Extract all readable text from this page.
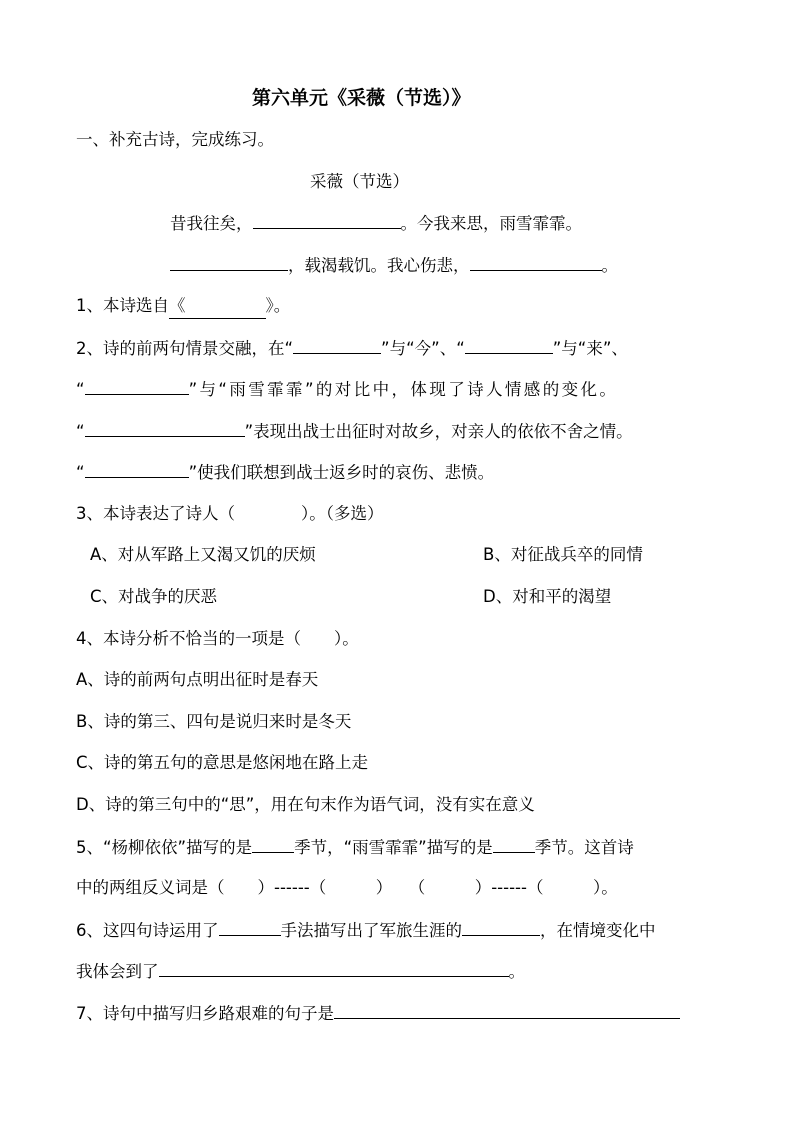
第六单元《采薇（节选）》
一、补充古诗，完成练习。
采薇（节选）
昔我往矣，	。今我来思，雨雪霏霏。
，载渴载饥。我心伤悲，	。
1、本诗选自《	》。
2、诗的前两句情景交融，在“	”与“今”、“	”与“来”、
“	”与“雨雪霏霏”的对比中，体现了诗人情感的变化。
“	”表现出战士出征时对故乡，对亲人的依依不舍之情。
“	”使我们联想到战士返乡时的哀伤、悲愤。
3、本诗表达了诗人（　　　　）。（多选）
A、对从军路上又渴又饥的厌烦	B、对征战兵卒的同情
C、对战争的厌恶	D、对和平的渴望
4、本诗分析不恰当的一项是（　　）。
A、诗的前两句点明出征时是春天
B、诗的第三、四句是说归来时是冬天
C、诗的第五句的意思是悠闲地在路上走
D、诗的第三句中的“思”，用在句末作为语气词，没有实在意义
5、“杨柳依依”描写的是	季节，“雨雪霏霏”描写的是	季节。这首诗
中的两组反义词是（　　）------（　　　）　　（　　　）------（　　　）。
6、这四句诗运用了	手法描写出了军旅生涯的	，在情境变化中
我体会到了	。
7、诗句中描写归乡路艰难的句子是
